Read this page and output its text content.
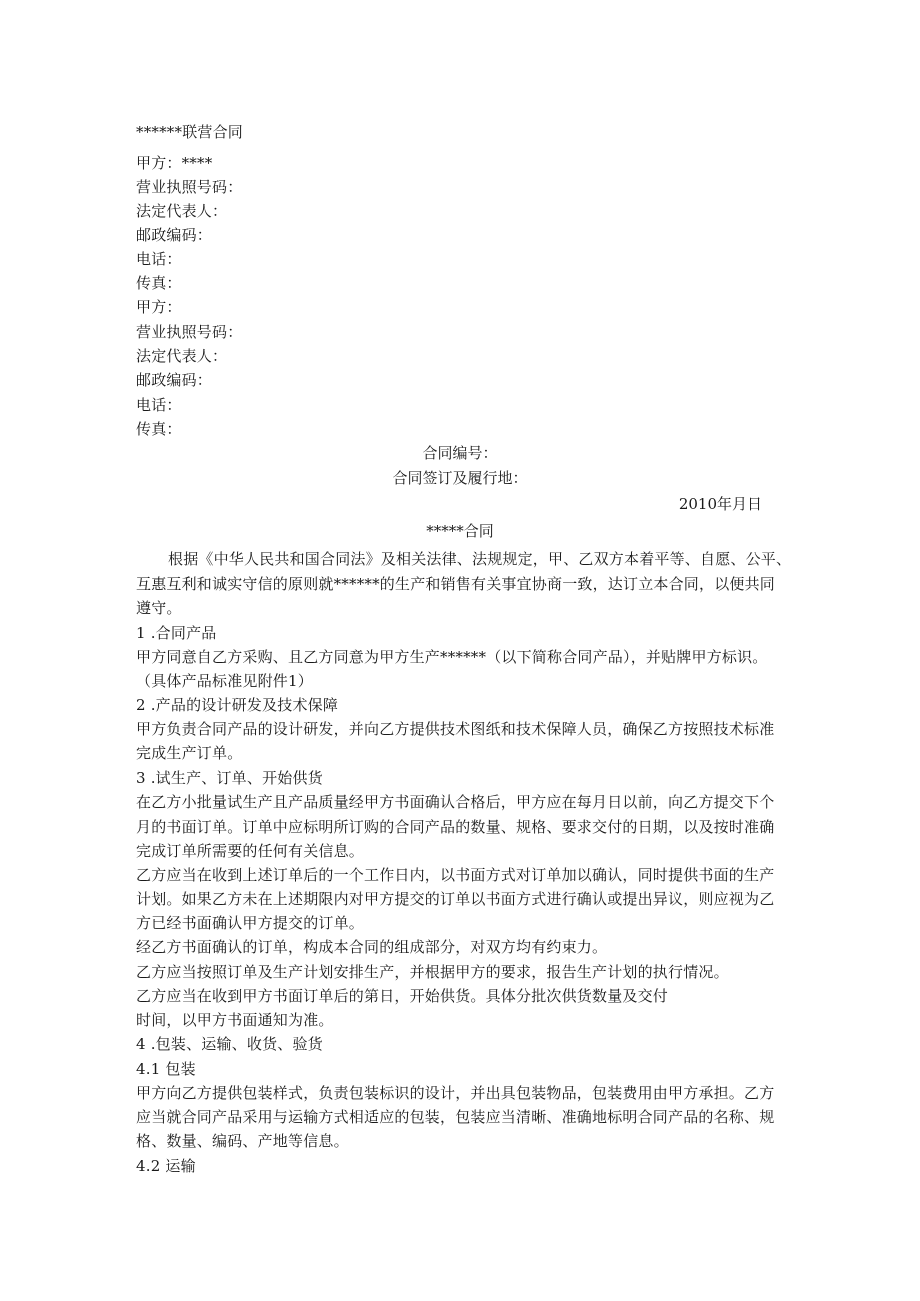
******联营合同
甲方：****
营业执照号码：
法定代表人：
邮政编码：
电话：
传真：
甲方：
营业执照号码：
法定代表人：
邮政编码：
电话：
传真：
合同编号：
合同签订及履行地：
2010年月日
*****合同
根据《中华人民共和国合同法》及相关法律、法规规定，甲、乙双方本着平等、自愿、公平、
互惠互利和诚实守信的原则就******的生产和销售有关事宜协商一致，达订立本合同，以便共同
遵守。
1 .合同产品
甲方同意自乙方采购、且乙方同意为甲方生产******（以下简称合同产品），并贴牌甲方标识。
（具体产品标准见附件1）
2 .产品的设计研发及技术保障
甲方负责合同产品的设计研发，并向乙方提供技术图纸和技术保障人员，确保乙方按照技术标准
完成生产订单。
3 .试生产、订单、开始供货
在乙方小批量试生产且产品质量经甲方书面确认合格后，甲方应在每月日以前，向乙方提交下个
月的书面订单。订单中应标明所订购的合同产品的数量、规格、要求交付的日期，以及按时准确
完成订单所需要的任何有关信息。
乙方应当在收到上述订单后的一个工作日内，以书面方式对订单加以确认，同时提供书面的生产
计划。如果乙方未在上述期限内对甲方提交的订单以书面方式进行确认或提出异议，则应视为乙
方已经书面确认甲方提交的订单。
经乙方书面确认的订单，构成本合同的组成部分，对双方均有约束力。
乙方应当按照订单及生产计划安排生产，并根据甲方的要求，报告生产计划的执行情况。
乙方应当在收到甲方书面订单后的第日，开始供货。具体分批次供货数量及交付
时间，以甲方书面通知为准。
4 .包装、运输、收货、验货
4.1 包装
甲方向乙方提供包装样式，负责包装标识的设计，并出具包装物品，包装费用由甲方承担。乙方
应当就合同产品采用与运输方式相适应的包装，包装应当清晰、准确地标明合同产品的名称、规
格、数量、编码、产地等信息。
4.2 运输
